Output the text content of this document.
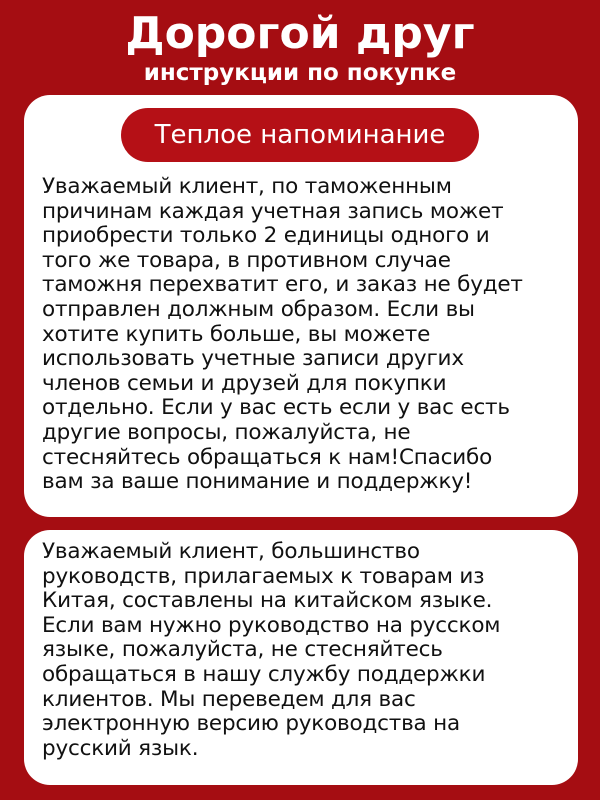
Дорогой друг
инструкции по покупке
Теплое напоминание
Уважаемый клиент, по таможенным
причинам каждая учетная запись может
приобрести только 2 единицы одного и
того же товара, в противном случае
таможня перехватит его, и заказ не будет
отправлен должным образом. Если вы
хотите купить больше, вы можете
использовать учетные записи других
членов семьи и друзей для покупки
отдельно. Если у вас есть если у вас есть
другие вопросы, пожалуйста, не
стесняйтесь обращаться к нам!Спасибо
вам за ваше понимание и поддержку!
Уважаемый клиент, большинство
руководств, прилагаемых к товарам из
Китая, составлены на китайском языке.
Если вам нужно руководство на русском
языке, пожалуйста, не стесняйтесь
обращаться в нашу службу поддержки
клиентов. Мы переведем для вас
электронную версию руководства на
русский язык.
